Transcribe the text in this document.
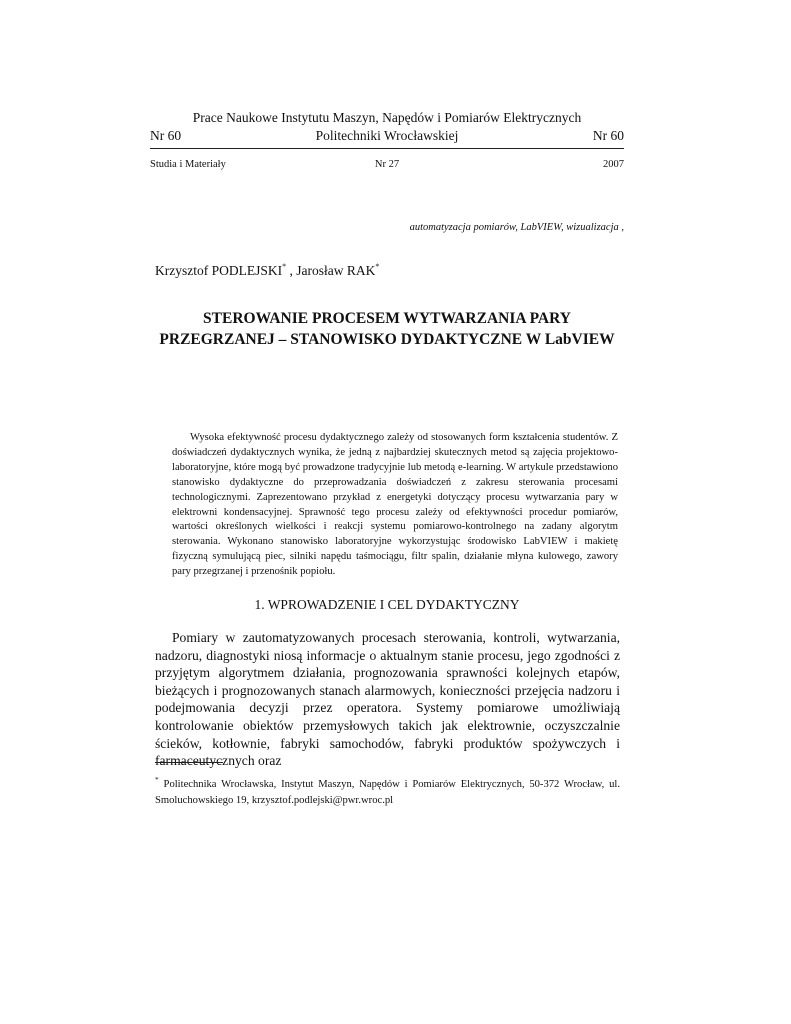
Prace Naukowe Instytutu Maszyn, Napędów i Pomiarów Elektrycznych
Politechniki Wrocławskiej
Nr 60	Nr 60
Nr 27
Studia i Materiały	2007
automatyzacja pomiarów, LabVIEW, wizualizacja ,
Krzysztof PODLEJSKI* , Jarosław RAK*
STEROWANIE PROCESEM WYTWARZANIA PARY
PRZEGRZANEJ – STANOWISKO DYDAKTYCZNE W LabVIEW
Wysoka efektywność procesu dydaktycznego zależy od stosowanych form kształcenia studentów. Z doświadczeń dydaktycznych wynika, że jedną z najbardziej skutecznych metod są zajęcia projektowo-laboratoryjne, które mogą być prowadzone tradycyjnie lub metodą e-learning. W artykule przedstawiono stanowisko dydaktyczne do przeprowadzania doświadczeń z zakresu sterowania procesami technologicznymi. Zaprezentowano przykład z energetyki dotyczący procesu wytwarzania pary w elektrowni kondensacyjnej. Sprawność tego procesu zależy od efektywności procedur pomiarów, wartości określonych wielkości i reakcji systemu pomiarowo-kontrolnego na zadany algorytm sterowania. Wykonano stanowisko laboratoryjne wykorzystując środowisko LabVIEW i makietę fizyczną symulującą piec, silniki napędu taśmociągu, filtr spalin, działanie młyna kulowego, zawory pary przegrzanej i przenośnik popiołu.
1. WPROWADZENIE I CEL DYDAKTYCZNY
Pomiary w zautomatyzowanych procesach sterowania, kontroli, wytwarzania, nadzoru, diagnostyki niosą informacje o aktualnym stanie procesu, jego zgodności z przyjętym algorytmem działania, prognozowania sprawności kolejnych etapów, bieżących i prognozowanych stanach alarmowych, konieczności przejęcia nadzoru i podejmowania decyzji przez operatora. Systemy pomiarowe umożliwiają kontrolowanie obiektów przemysłowych takich jak elektrownie, oczyszczalnie ścieków, kotłownie, fabryki samochodów, fabryki produktów spożywczych i farmaceutycznych oraz
* Politechnika Wrocławska, Instytut Maszyn, Napędów i Pomiarów Elektrycznych, 50-372 Wrocław, ul. Smoluchowskiego 19, krzysztof.podlejski@pwr.wroc.pl
